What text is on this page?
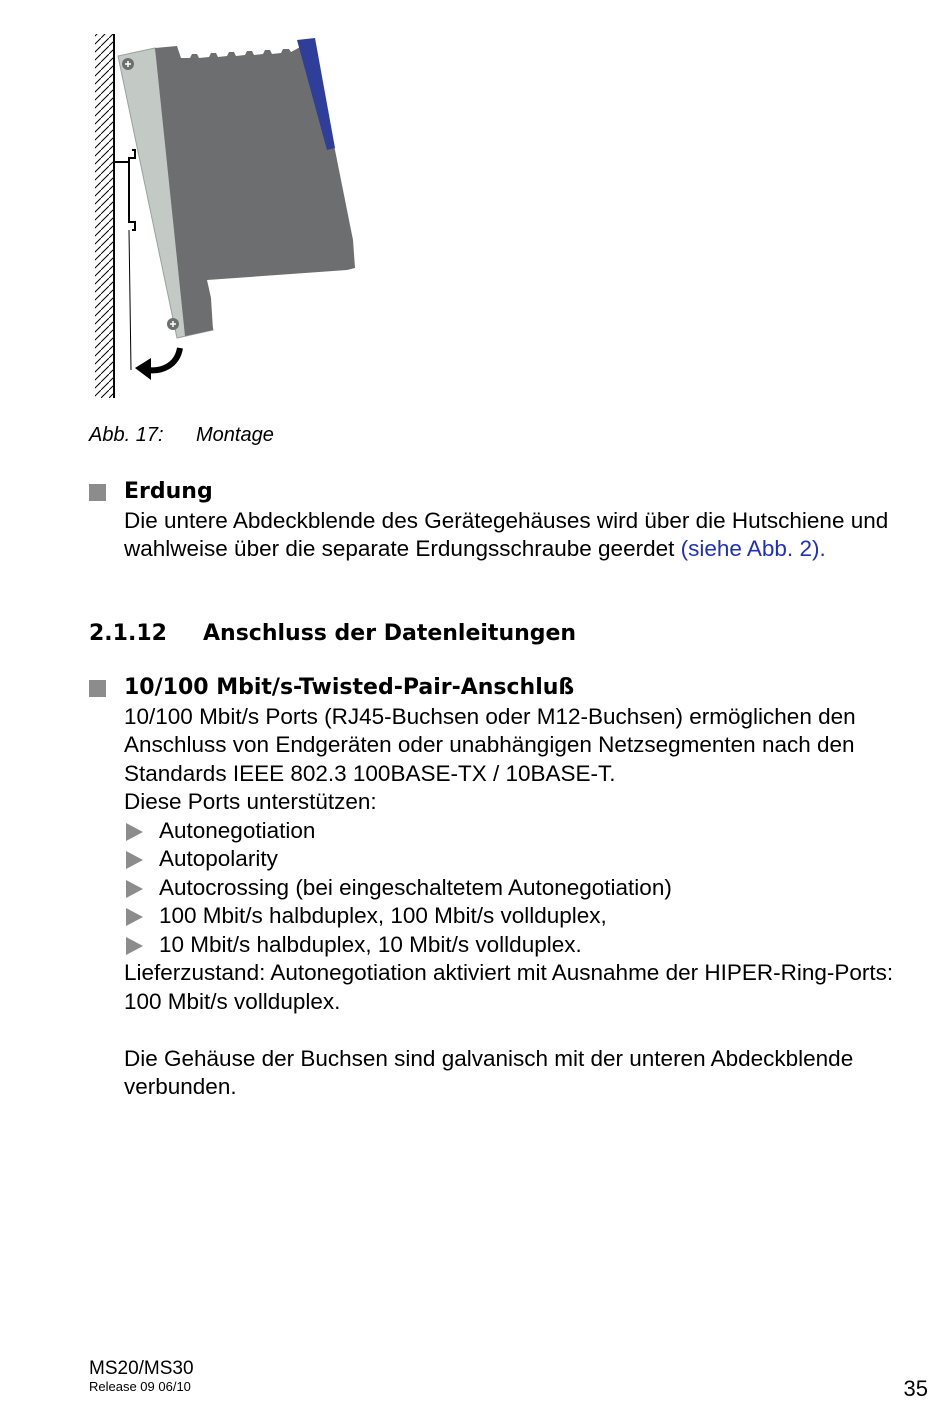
Abb. 17: Montage
Erdung
Die untere Abdeckblende des Gerätegehäuses wird über die Hutschiene und wahlweise über die separate Erdungsschraube geerdet (siehe Abb. 2).
2.1.12 Anschluss der Datenleitungen
10/100 Mbit/s-Twisted-Pair-Anschluß
10/100 Mbit/s Ports (RJ45-Buchsen oder M12-Buchsen) ermöglichen den Anschluss von Endgeräten oder unabhängigen Netzsegmenten nach den Standards IEEE 802.3 100BASE-TX / 10BASE-T.
Diese Ports unterstützen:
Autonegotiation
Autopolarity
Autocrossing (bei eingeschaltetem Autonegotiation)
100 Mbit/s halbduplex, 100 Mbit/s vollduplex,
10 Mbit/s halbduplex, 10 Mbit/s vollduplex.
Lieferzustand: Autonegotiation aktiviert mit Ausnahme der HIPER-Ring-Ports: 100 Mbit/s vollduplex.
Die Gehäuse der Buchsen sind galvanisch mit der unteren Abdeckblende verbunden.
MS20/MS30
Release 09 06/10	35
